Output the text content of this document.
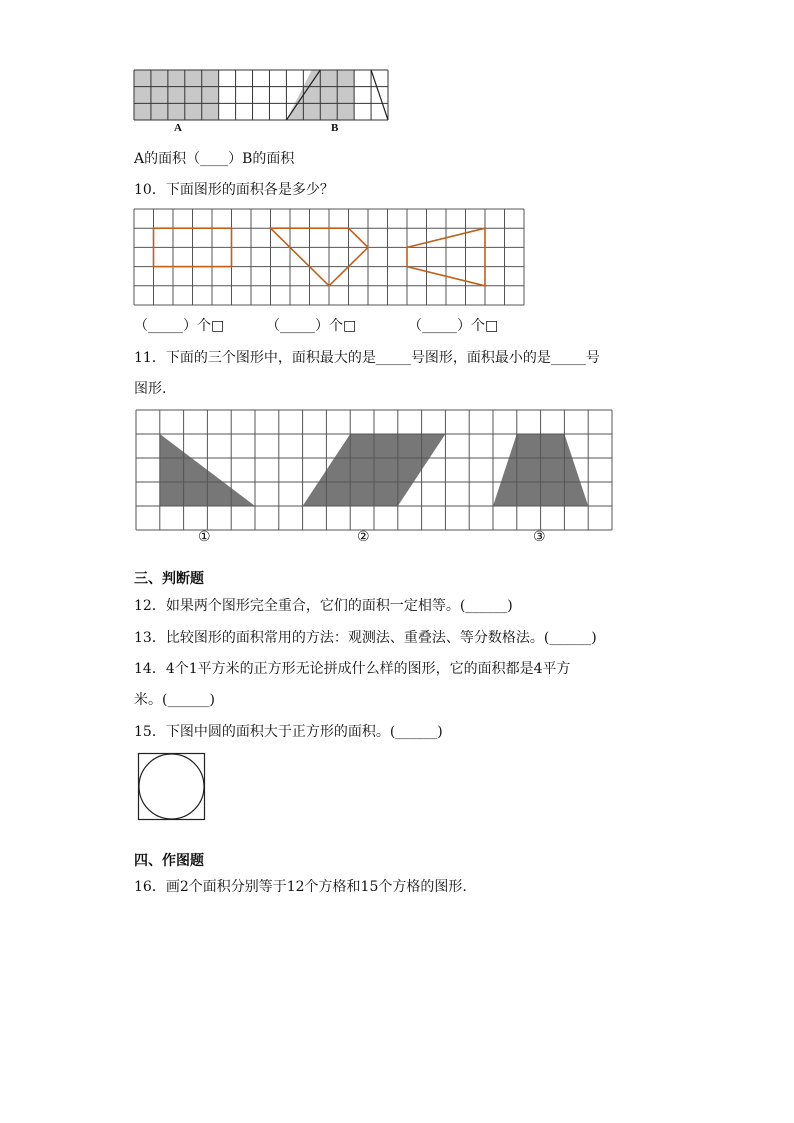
A	B
A的面积（____）B的面积
10．下面图形的面积各是多少？
（_____）个□	（_____）个□	（_____）个□
11．下面的三个图形中，面积最大的是_____号图形，面积最小的是_____号
图形.
①	②	③
三、判断题
12．如果两个图形完全重合，它们的面积一定相等。(______)
13．比较图形的面积常用的方法：观测法、重叠法、等分数格法。(______)
14．4个1平方米的正方形无论拼成什么样的图形，它的面积都是4平方
米。(______)
15．下图中圆的面积大于正方形的面积。(______)
四、作图题
16．画2个面积分别等于12个方格和15个方格的图形.
